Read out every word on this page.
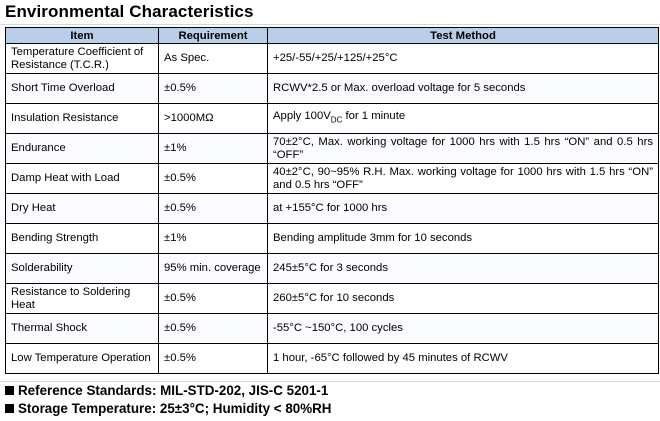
Environmental Characteristics
Item	Requirement	Test Method
Temperature Coefficient of Resistance (T.C.R.)	As Spec.	+25/-55/+25/+125/+25°C
Short Time Overload	±0.5%	RCWV*2.5 or Max. overload voltage for 5 seconds
Insulation Resistance	>1000MΩ	Apply $100V_{DC}$ for 1 minute
Endurance	±1%	70±2°C, Max. working voltage for 1000 hrs with 1.5 hrs “ON” and 0.5 hrs “OFF”
Damp Heat with Load	±0.5%	40±2°C, 90~95% R.H. Max. working voltage for 1000 hrs with 1.5 hrs “ON” and 0.5 hrs “OFF”
Dry Heat	±0.5%	at +155°C for 1000 hrs
Bending Strength	±1%	Bending amplitude 3mm for 10 seconds
Solderability	95% min. coverage	245±5°C for 3 seconds
Resistance to Soldering Heat	±0.5%	260±5°C for 10 seconds
Thermal Shock	±0.5%	-55°C ~150°C, 100 cycles
Low Temperature Operation	±0.5%	1 hour, -65°C followed by 45 minutes of RCWV
Reference Standards: MIL-STD-202, JIS-C 5201-1
Storage Temperature: 25±3°C; Humidity < 80%RH
